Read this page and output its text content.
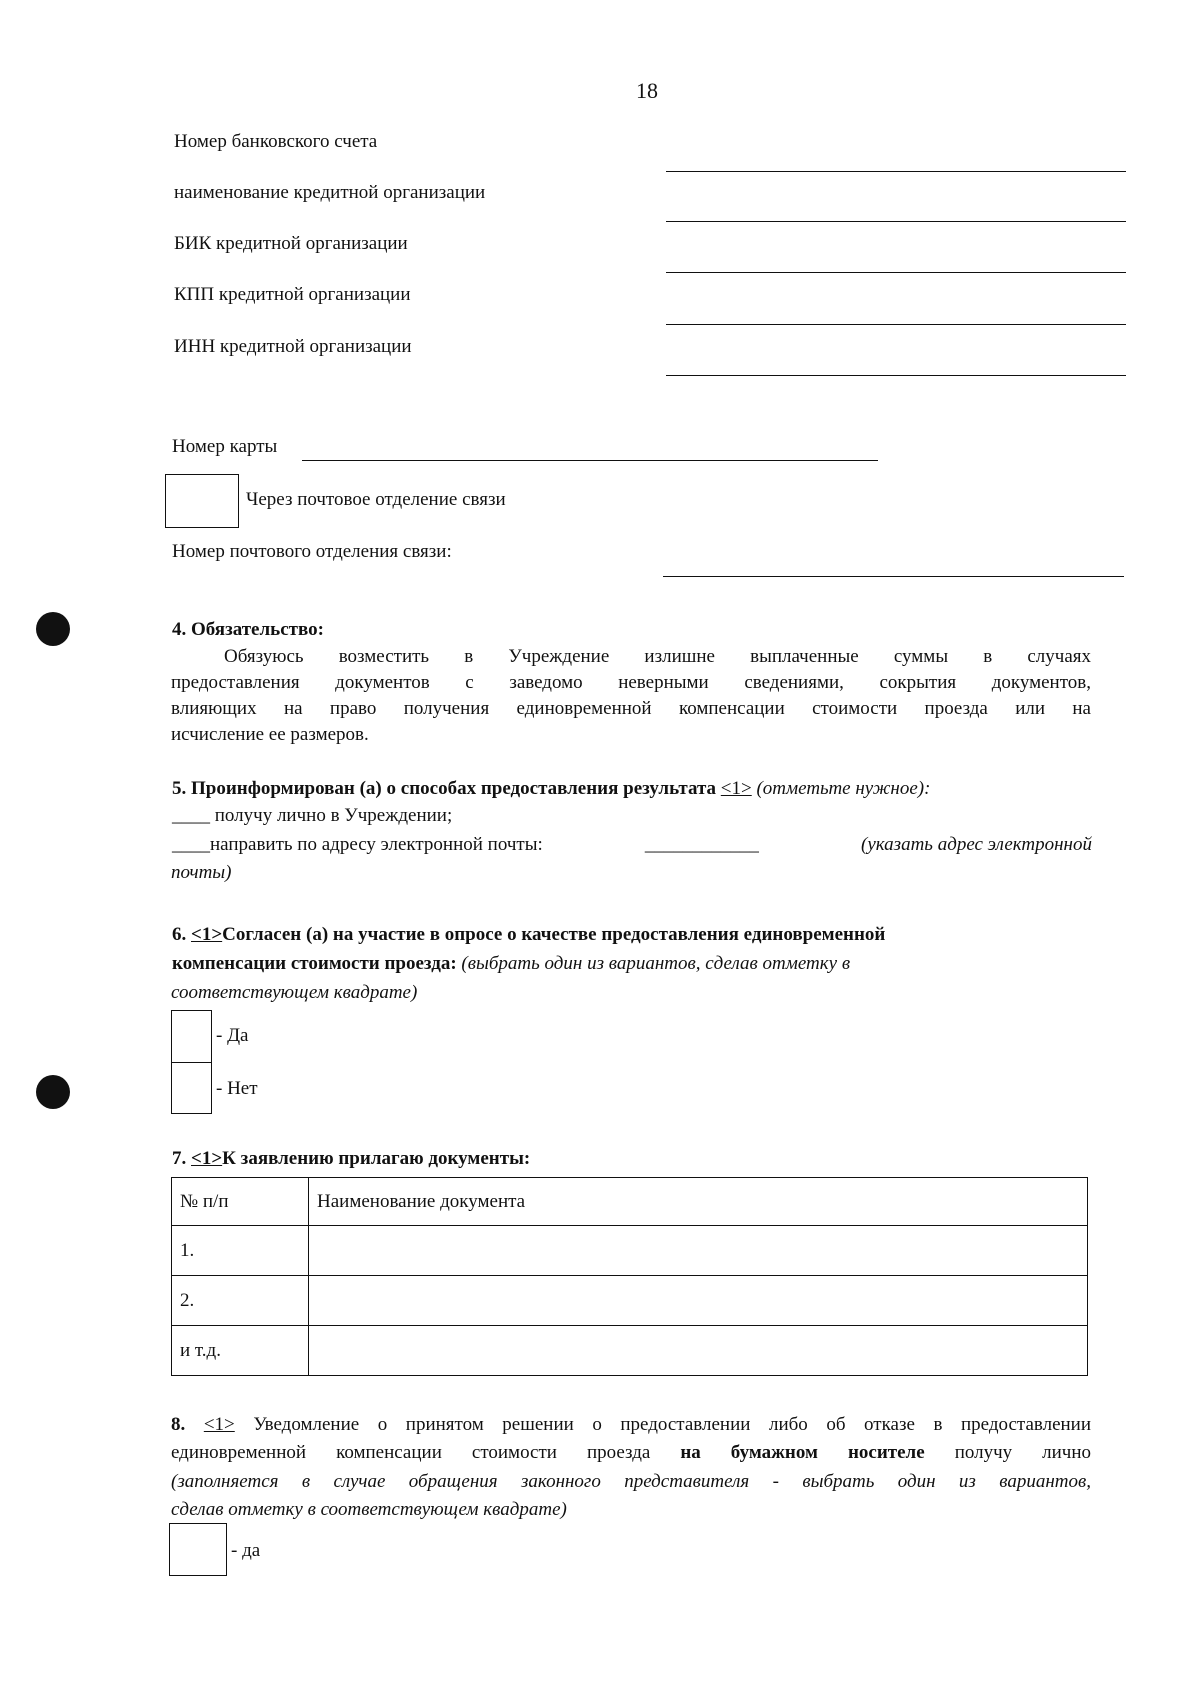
18
Номер банковского счета
наименование кредитной организации
БИК кредитной организации
КПП кредитной организации
ИНН кредитной организации
Номер карты
Через почтовое отделение связи
Номер почтового отделения связи:
4. Обязательство:
Обязуюсь возместить в Учреждение излишне выплаченные суммы в случаях
предоставления документов с заведомо неверными сведениями, сокрытия документов,
влияющих на право получения единовременной компенсации стоимости проезда или на
исчисление ее размеров.
5. Проинформирован (а) о способах предоставления результата <1> (отметьте нужное):
____ получу лично в Учреждении;
____направить по адресу электронной почты:	____________	(указать адрес электронной
почты)
6. <1>Согласен (а) на участие в опросе о качестве предоставления единовременной
компенсации стоимости проезда: (выбрать один из вариантов, сделав отметку в
соответствующем квадрате)
- Да
- Нет
7. <1>К заявлению прилагаю документы:
№ п/п	Наименование документа
1.	
2.	
и т.д.	
8. <1> Уведомление о принятом решении о предоставлении либо об отказе в предоставлении
единовременной компенсации стоимости проезда на бумажном носителе получу лично
(заполняется в случае обращения законного представителя - выбрать один из вариантов,
сделав отметку в соответствующем квадрате)
- да
